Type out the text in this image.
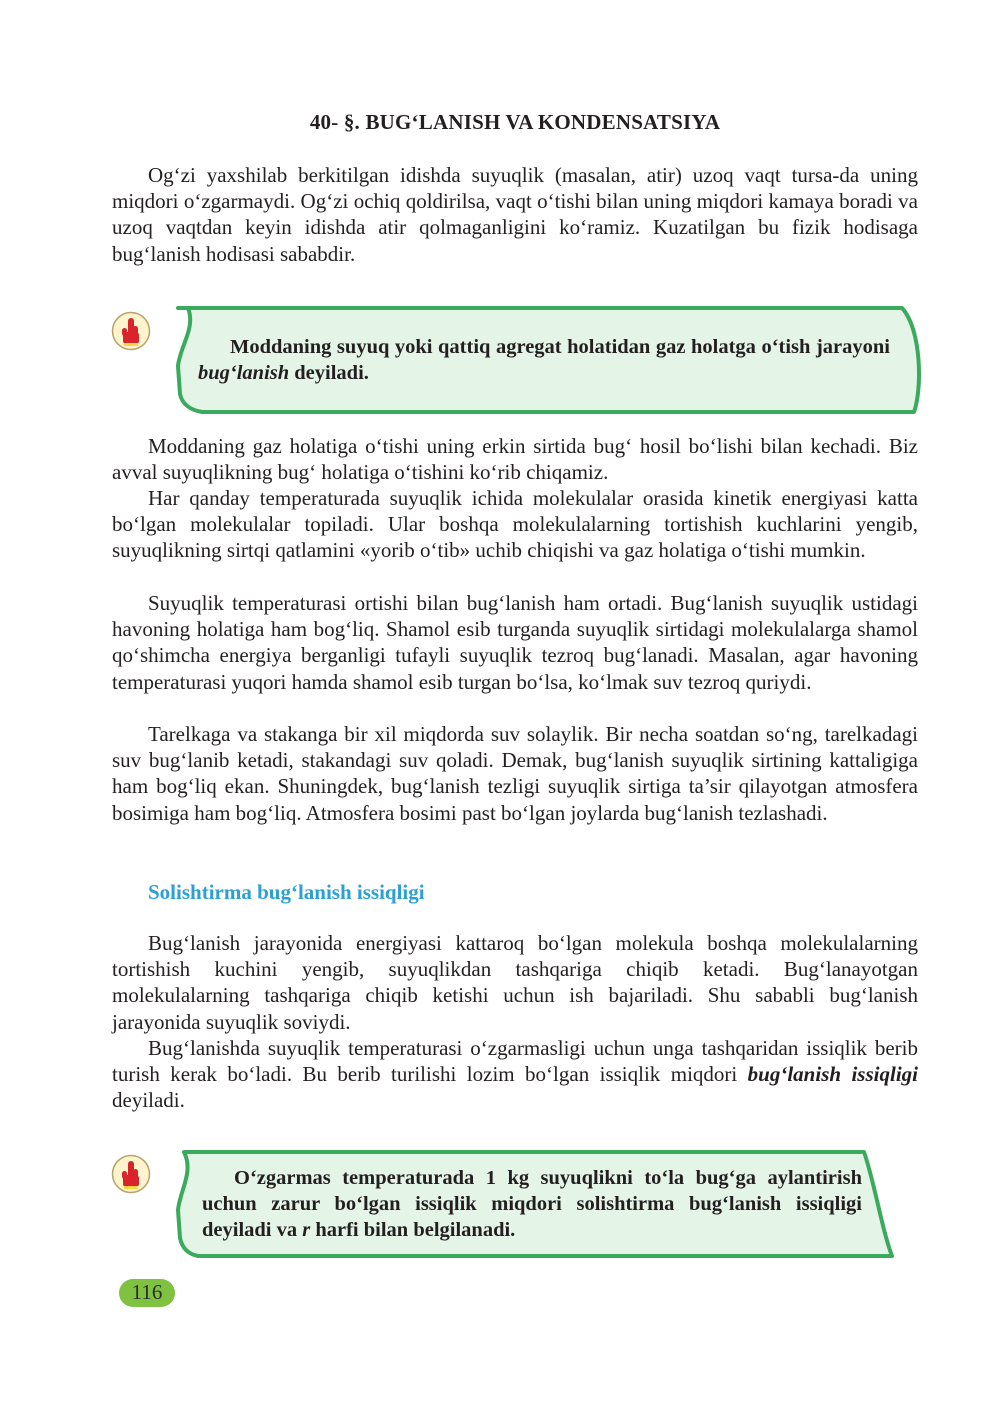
40- §. BUG‘LANISH VA KONDENSATSIYA

Og‘zi yaxshilab berkitilgan idishda suyuqlik (masalan, atir) uzoq vaqt tursa-da uning miqdori o‘zgarmaydi. Og‘zi ochiq qoldirilsa, vaqt o‘tishi bilan uning miqdori kamaya boradi va uzoq vaqtdan keyin idishda atir qolmaganligini ko‘ramiz. Kuzatilgan bu fizik hodisaga bug‘lanish hodisasi sababdir.

Moddaning suyuq yoki qattiq agregat holatidan gaz holatga o‘tish jarayoni bug‘lanish deyiladi.

Moddaning gaz holatiga o‘tishi uning erkin sirtida bug‘ hosil bo‘lishi bilan kechadi. Biz avval suyuqlikning bug‘ holatiga o‘tishini ko‘rib chiqamiz.

Har qanday temperaturada suyuqlik ichida molekulalar orasida kinetik energiyasi katta bo‘lgan molekulalar topiladi. Ular boshqa molekulalarning tortishish kuchlarini yengib, suyuqlikning sirtqi qatlamini «yorib o‘tib» uchib chiqishi va gaz holatiga o‘tishi mumkin.

Suyuqlik temperaturasi ortishi bilan bug‘lanish ham ortadi. Bug‘lanish suyuqlik ustidagi havoning holatiga ham bog‘liq. Shamol esib turganda suyuqlik sirtidagi molekulalarga shamol qo‘shimcha energiya berganligi tufayli suyuqlik tezroq bug‘lanadi. Masalan, agar havoning temperaturasi yuqori hamda shamol esib turgan bo‘lsa, ko‘lmak suv tezroq quriydi.

Tarelkaga va stakanga bir xil miqdorda suv solaylik. Bir necha soatdan so‘ng, tarelkadagi suv bug‘lanib ketadi, stakandagi suv qoladi. Demak, bug‘lanish suyuqlik sirtining kattaligiga ham bog‘liq ekan. Shuningdek, bug‘lanish tezligi suyuqlik sirtiga ta’sir qilayotgan atmosfera bosimiga ham bog‘liq. Atmosfera bosimi past bo‘lgan joylarda bug‘lanish tezlashadi.

Solishtirma bug‘lanish issiqligi

Bug‘lanish jarayonida energiyasi kattaroq bo‘lgan molekula boshqa molekulalarning tortishish kuchini yengib, suyuqlikdan tashqariga chiqib ketadi. Bug‘lanayotgan molekulalarning tashqariga chiqib ketishi uchun ish bajariladi. Shu sababli bug‘lanish jarayonida suyuqlik soviydi.

Bug‘lanishda suyuqlik temperaturasi o‘zgarmasligi uchun unga tashqaridan issiqlik berib turish kerak bo‘ladi. Bu berib turilishi lozim bo‘lgan issiqlik miqdori bug‘lanish issiqligi deyiladi.

O‘zgarmas temperaturada 1 kg suyuqlikni to‘la bug‘ga aylantirish uchun zarur bo‘lgan issiqlik miqdori solishtirma bug‘lanish issiqligi deyiladi va r harfi bilan belgilanadi.

116
